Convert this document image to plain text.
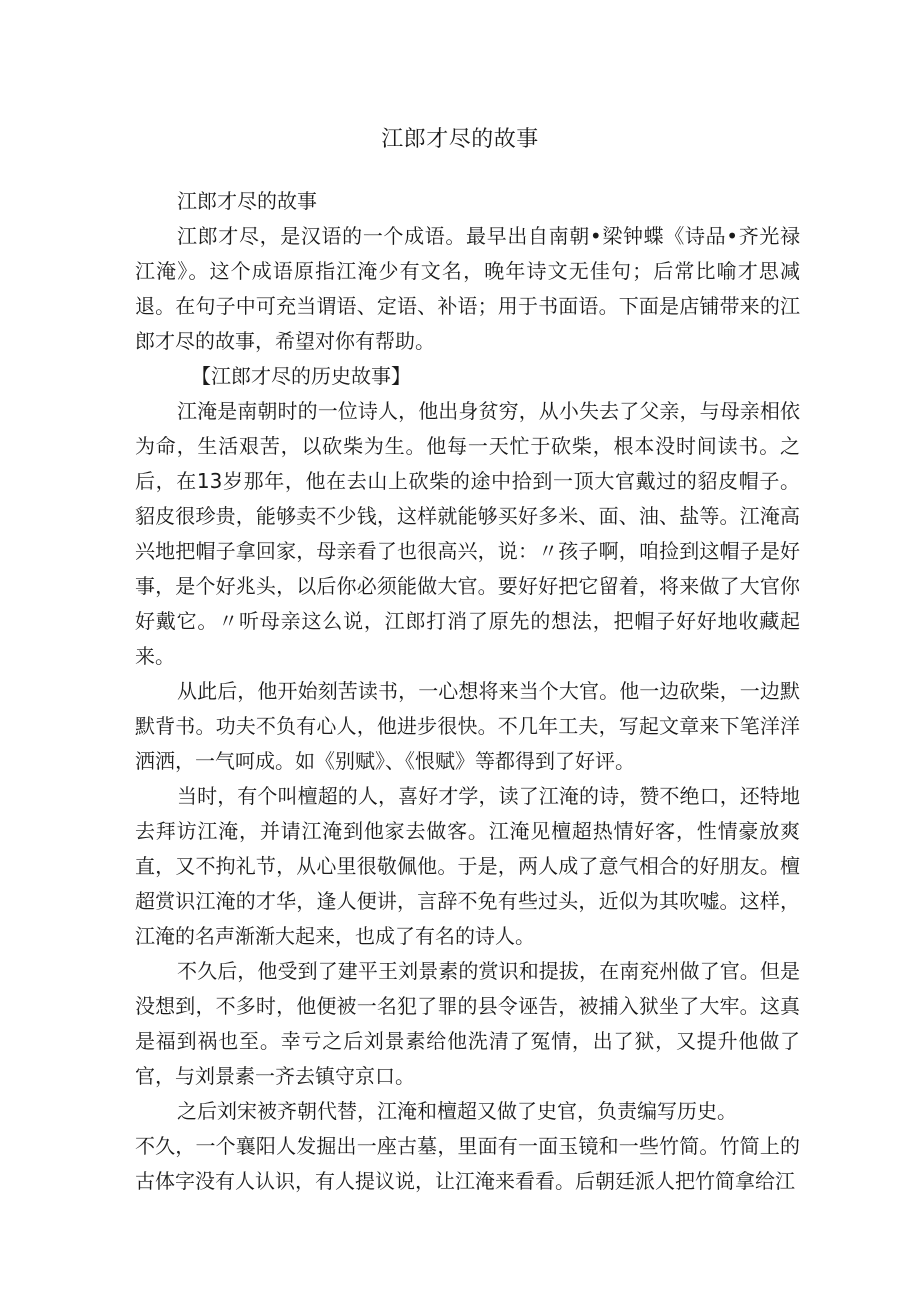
江郎才尽的故事

江郎才尽的故事

江郎才尽，是汉语的一个成语。最早出自南朝•梁钟蝶《诗品•齐光禄江淹》。这个成语原指江淹少有文名，晚年诗文无佳句；后常比喻才思减退。在句子中可充当谓语、定语、补语；用于书面语。下面是店铺带来的江郎才尽的故事，希望对你有帮助。

【江郎才尽的历史故事】

江淹是南朝时的一位诗人，他出身贫穷，从小失去了父亲，与母亲相依为命，生活艰苦，以砍柴为生。他每一天忙于砍柴，根本没时间读书。之后，在13岁那年，他在去山上砍柴的途中拾到一顶大官戴过的貂皮帽子。貂皮很珍贵，能够卖不少钱，这样就能够买好多米、面、油、盐等。江淹高兴地把帽子拿回家，母亲看了也很高兴，说：〃孩子啊，咱捡到这帽子是好事，是个好兆头，以后你必须能做大官。要好好把它留着，将来做了大官你好戴它。〃听母亲这么说，江郎打消了原先的想法，把帽子好好地收藏起来。

从此后，他开始刻苦读书，一心想将来当个大官。他一边砍柴，一边默默背书。功夫不负有心人，他进步很快。不几年工夫，写起文章来下笔洋洋洒洒，一气呵成。如《别赋》、《恨赋》等都得到了好评。

当时，有个叫檀超的人，喜好才学，读了江淹的诗，赞不绝口，还特地去拜访江淹，并请江淹到他家去做客。江淹见檀超热情好客，性情豪放爽直，又不拘礼节，从心里很敬佩他。于是，两人成了意气相合的好朋友。檀超赏识江淹的才华，逢人便讲，言辞不免有些过头，近似为其吹嘘。这样，江淹的名声渐渐大起来，也成了有名的诗人。

不久后，他受到了建平王刘景素的赏识和提拔，在南兖州做了官。但是没想到，不多时，他便被一名犯了罪的县令诬告，被捕入狱坐了大牢。这真是福到祸也至。幸亏之后刘景素给他洗清了冤情，出了狱，又提升他做了官，与刘景素一齐去镇守京口。

之后刘宋被齐朝代替，江淹和檀超又做了史官，负责编写历史。

不久，一个襄阳人发掘出一座古墓，里面有一面玉镜和一些竹简。竹简上的古体字没有人认识，有人提议说，让江淹来看看。后朝廷派人把竹简拿给江
